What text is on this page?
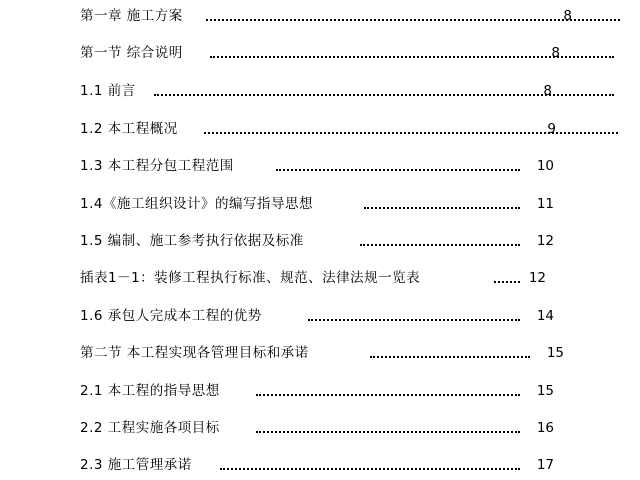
第一章 施工方案	8
第一节 综合说明	8
1.1 前言	8
1.2 本工程概况	9
1.3 本工程分包工程范围	10
1.4《施工组织设计》的编写指导思想	11
1.5 编制、施工参考执行依据及标准	12
插表1－1：装修工程执行标准、规范、法律法规一览表	12
1.6 承包人完成本工程的优势	14
第二节 本工程实现各管理目标和承诺	15
2.1 本工程的指导思想	15
2.2 工程实施各项目标	16
2.3 施工管理承诺	17
